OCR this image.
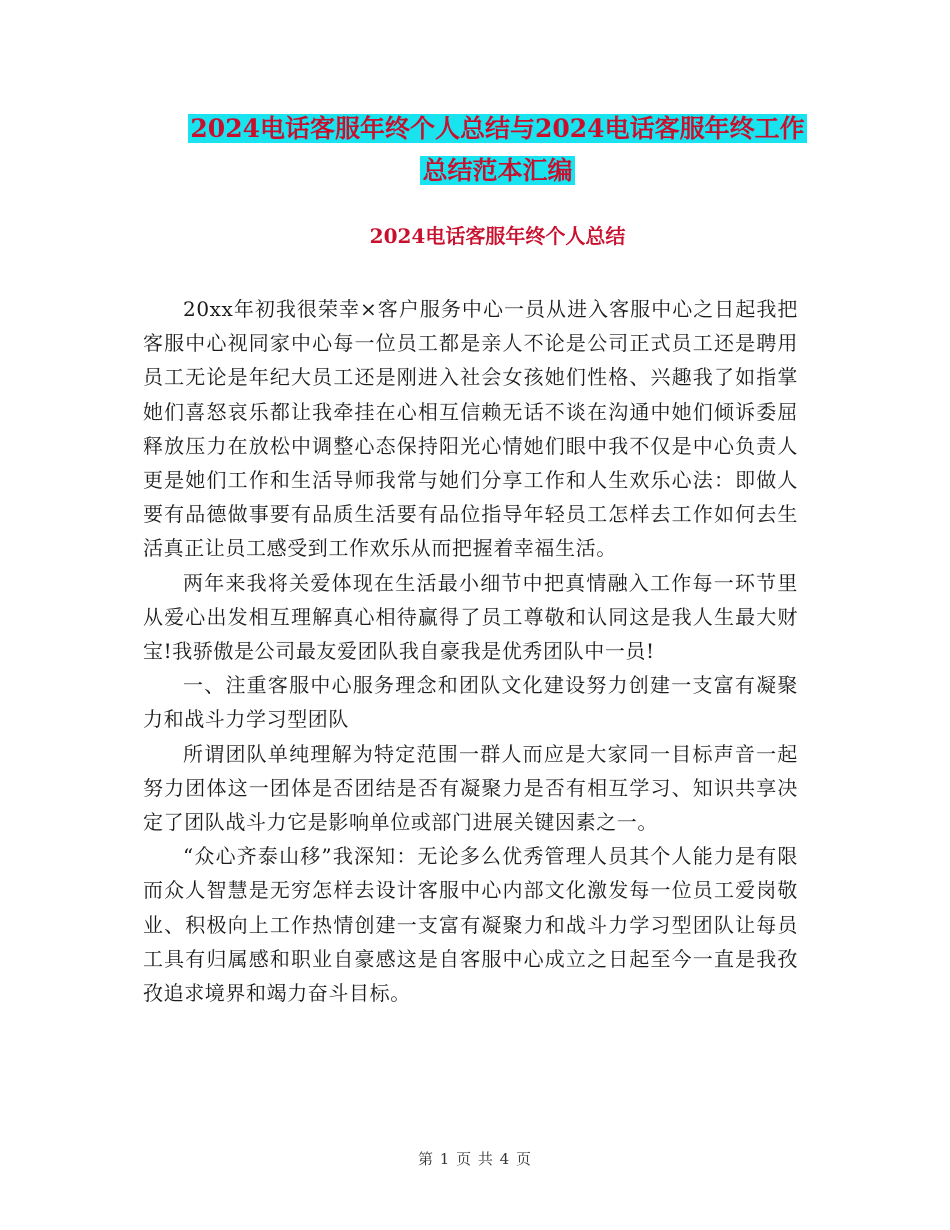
2024电话客服年终个人总结与2024电话客服年终工作
总结范本汇编
2024电话客服年终个人总结

20xx年初我很荣幸×客户服务中心一员从进入客服中心之日起我把客服中心视同家中心每一位员工都是亲人不论是公司正式员工还是聘用员工无论是年纪大员工还是刚进入社会女孩她们性格、兴趣我了如指掌她们喜怒哀乐都让我牵挂在心相互信赖无话不谈在沟通中她们倾诉委屈释放压力在放松中调整心态保持阳光心情她们眼中我不仅是中心负责人更是她们工作和生活导师我常与她们分享工作和人生欢乐心法：即做人要有品德做事要有品质生活要有品位指导年轻员工怎样去工作如何去生活真正让员工感受到工作欢乐从而把握着幸福生活。

两年来我将关爱体现在生活最小细节中把真情融入工作每一环节里从爱心出发相互理解真心相待赢得了员工尊敬和认同这是我人生最大财宝!我骄傲是公司最友爱团队我自豪我是优秀团队中一员!

一、注重客服中心服务理念和团队文化建设努力创建一支富有凝聚力和战斗力学习型团队

所谓团队单纯理解为特定范围一群人而应是大家同一目标声音一起努力团体这一团体是否团结是否有凝聚力是否有相互学习、知识共享决定了团队战斗力它是影响单位或部门进展关键因素之一。

“众心齐泰山移”我深知：无论多么优秀管理人员其个人能力是有限而众人智慧是无穷怎样去设计客服中心内部文化激发每一位员工爱岗敬业、积极向上工作热情创建一支富有凝聚力和战斗力学习型团队让每员工具有归属感和职业自豪感这是自客服中心成立之日起至今一直是我孜孜追求境界和竭力奋斗目标。

第 1 页 共 4 页
